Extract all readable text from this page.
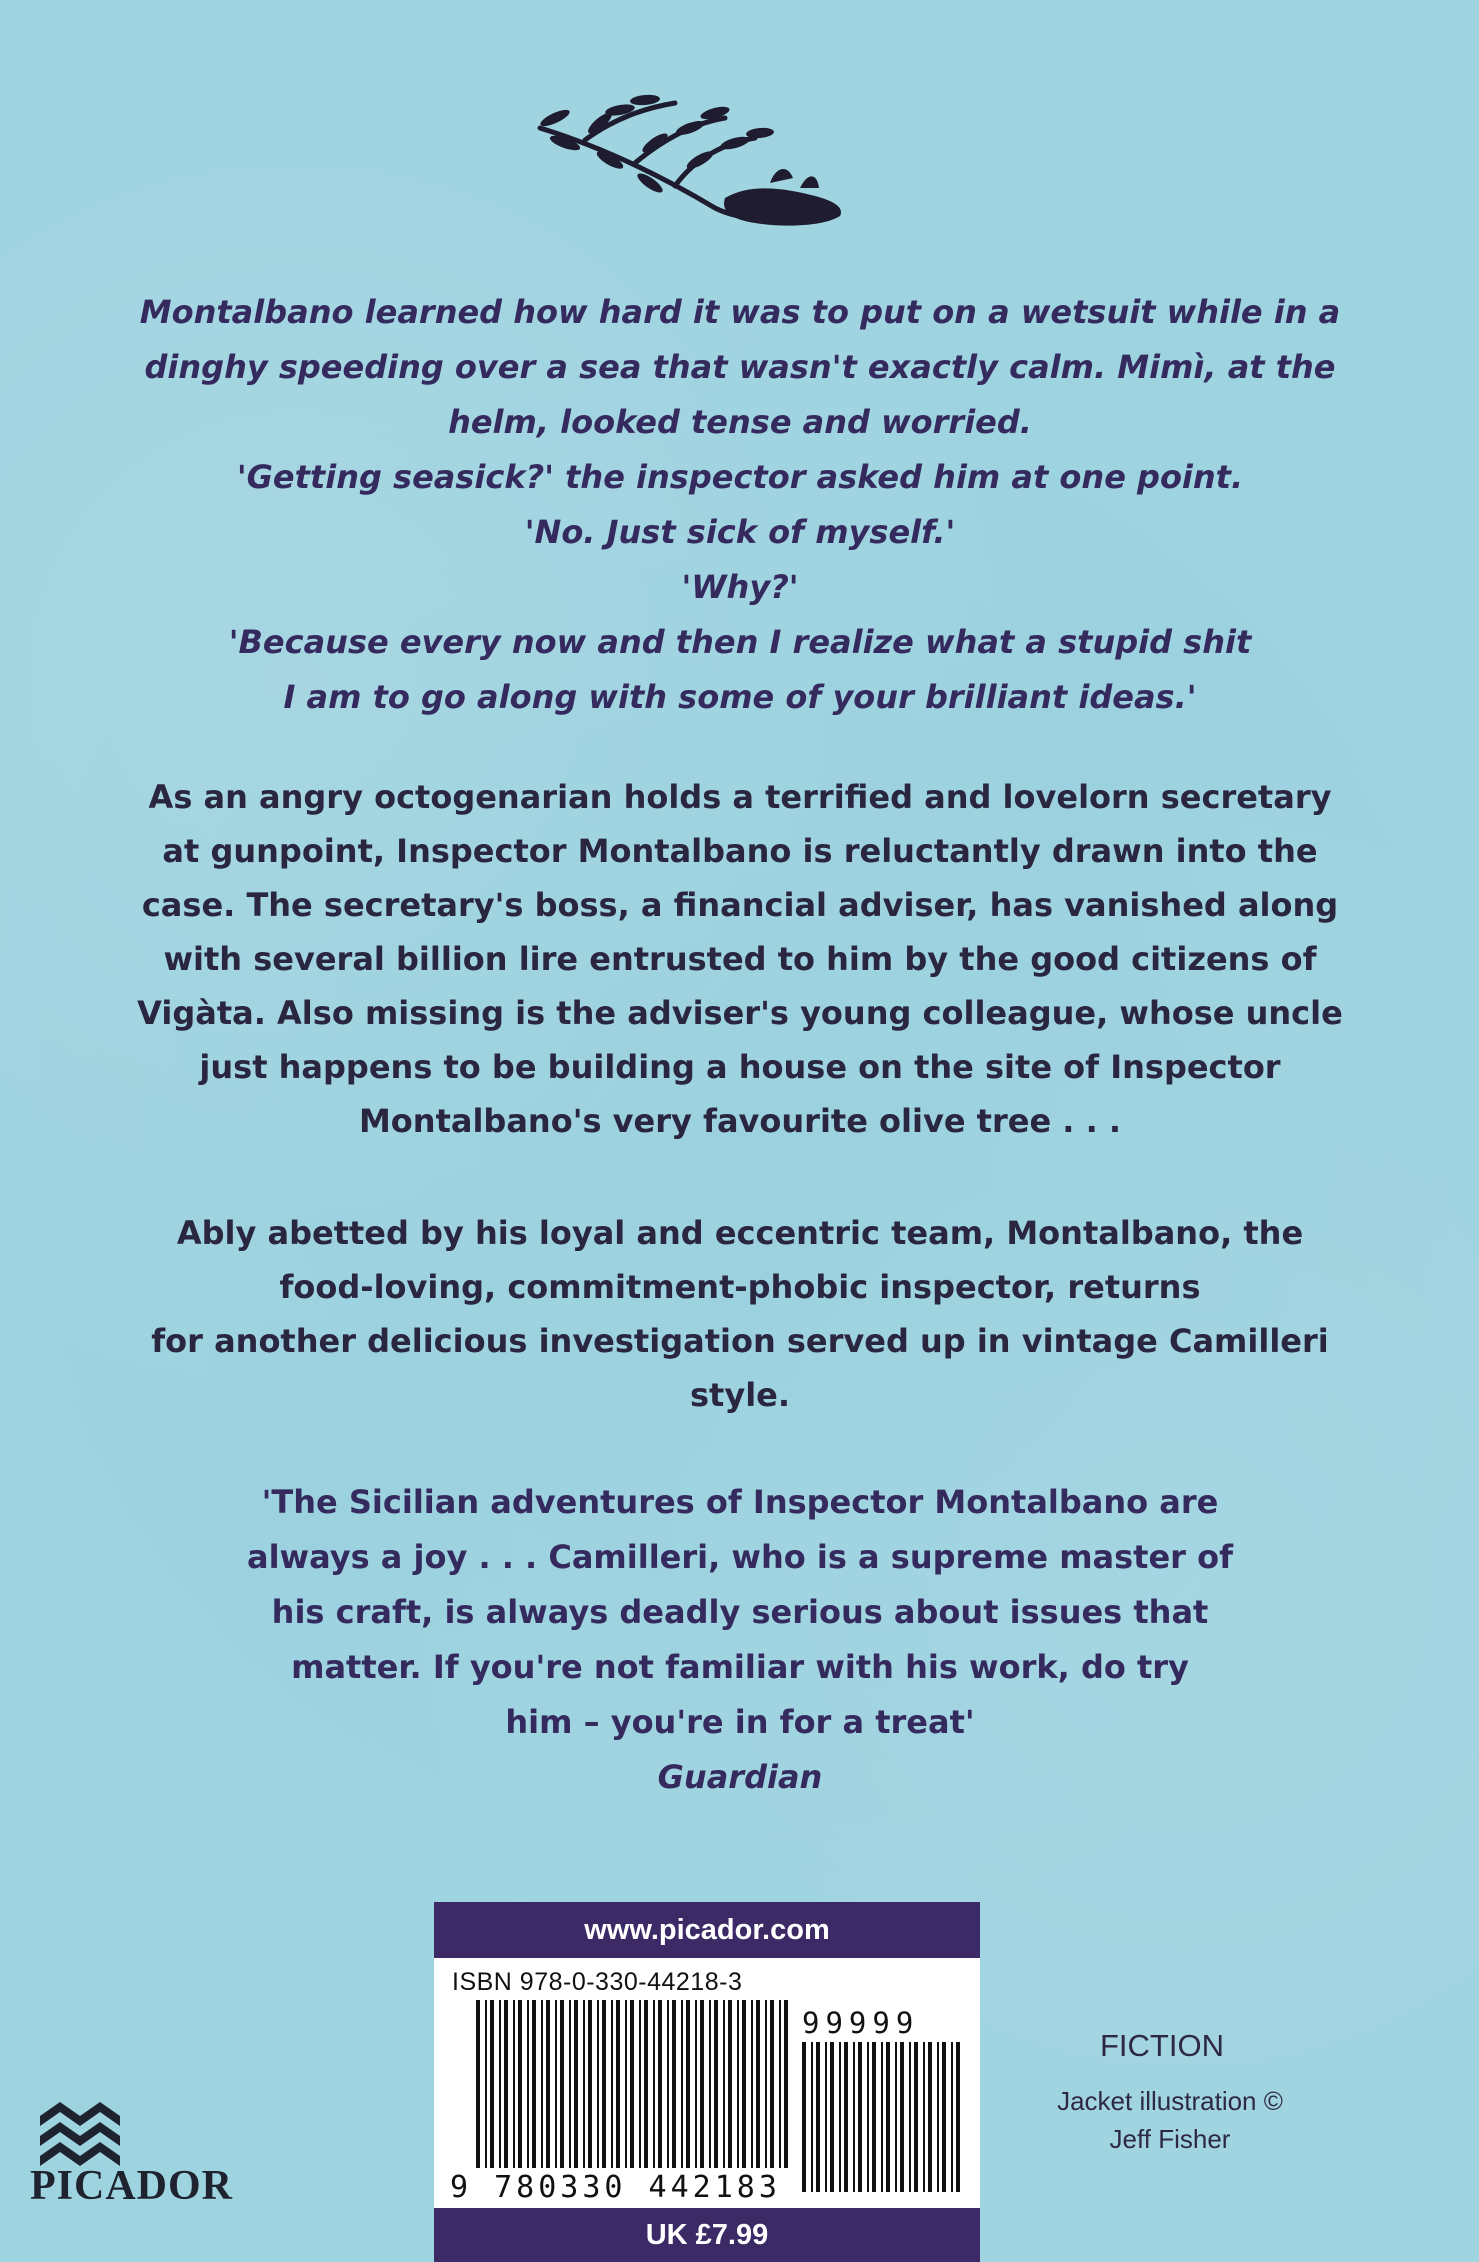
Montalbano learned how hard it was to put on a wetsuit while in a

dinghy speeding over a sea that wasn't exactly calm. Mimì, at the

helm, looked tense and worried.

'Getting seasick?' the inspector asked him at one point.

'No. Just sick of myself.'

'Why?'

'Because every now and then I realize what a stupid shit

I am to go along with some of your brilliant ideas.'

As an angry octogenarian holds a terrified and lovelorn secretary

at gunpoint, Inspector Montalbano is reluctantly drawn into the

case. The secretary's boss, a financial adviser, has vanished along

with several billion lire entrusted to him by the good citizens of

Vigàta. Also missing is the adviser's young colleague, whose uncle

just happens to be building a house on the site of Inspector

Montalbano's very favourite olive tree . . .

Ably abetted by his loyal and eccentric team, Montalbano, the

food-loving, commitment-phobic inspector, returns

for another delicious investigation served up in vintage Camilleri

style.

'The Sicilian adventures of Inspector Montalbano are

always a joy . . . Camilleri, who is a supreme master of

his craft, is always deadly serious about issues that

matter. If you're not familiar with his work, do try

him – you're in for a treat'

Guardian

www.picador.com
ISBN 978-0-330-44218-3
99999
9 780330 442183
UK £7.99
FICTION

Jacket illustration ©

Jeff Fisher

PICADOR
